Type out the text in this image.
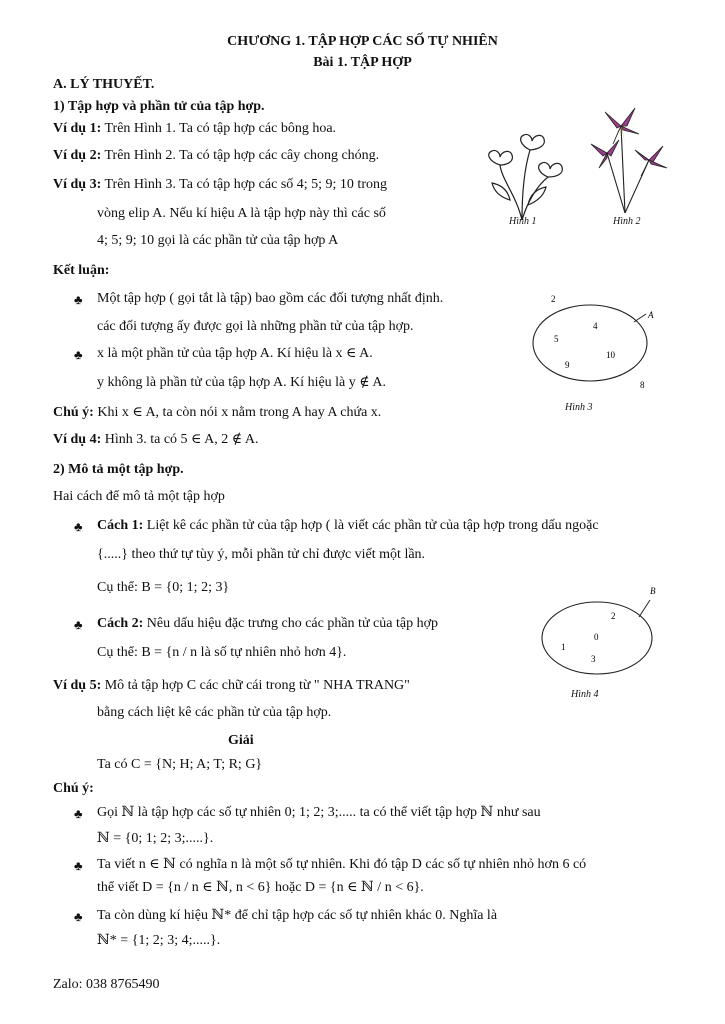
CHƯƠNG 1. TẬP HỢP CÁC SỐ TỰ NHIÊN
Bài 1. TẬP HỢP
A. LÝ THUYẾT.
1) Tập hợp và phần tử của tập hợp.
Ví dụ 1: Trên Hình 1. Ta có tập hợp các bông hoa.
Ví dụ 2: Trên Hình 2. Ta có tập hợp các cây chong chóng.
Ví dụ 3: Trên Hình 3. Ta có tập hợp các số 4; 5; 9; 10 trong
vòng elip A. Nếu kí hiệu A là tập hợp này thì các số
4; 5; 9; 10 gọi là các phần tử của tập hợp A
Kết luận:
♣ Một tập hợp ( gọi tắt là tập) bao gồm các đối tượng nhất định.
các đối tượng ấy được gọi là những phần tử của tập hợp.
♣ x là một phần tử của tập hợp A. Kí hiệu là x ∈ A.
y không là phần tử của tập hợp A. Kí hiệu là y ∉ A.
Chú ý: Khi x ∈ A, ta còn nói x nằm trong A hay A chứa x.
Ví dụ 4: Hình 3. ta có 5 ∈ A, 2 ∉ A.
2) Mô tả một tập hợp.
Hai cách để mô tả một tập hợp
♣ Cách 1: Liệt kê các phần tử của tập hợp ( là viết các phần tử của tập hợp trong dấu ngoặc
{.....} theo thứ tự tùy ý, mỗi phần tử chỉ được viết một lần.
Cụ thể: B = {0; 1; 2; 3}
♣ Cách 2: Nêu dấu hiệu đặc trưng cho các phần tử của tập hợp
Cụ thể: B = {n / n là số tự nhiên nhỏ hơn 4}.
Ví dụ 5: Mô tả tập hợp C các chữ cái trong từ " NHA TRANG"
bằng cách liệt kê các phần tử của tập hợp.
Giải
Ta có C = {N; H; A; T; R; G}
Chú ý:
♣ Gọi ℕ là tập hợp các số tự nhiên 0; 1; 2; 3;..... ta có thể viết tập hợp ℕ như sau
ℕ = {0; 1; 2; 3;.....}.
♣ Ta viết n ∈ ℕ có nghĩa n là một số tự nhiên. Khi đó tập D các số tự nhiên nhỏ hơn 6 có
thể viết D = {n / n ∈ ℕ, n < 6} hoặc D = {n ∈ ℕ / n < 6}.
♣ Ta còn dùng kí hiệu ℕ* để chỉ tập hợp các số tự nhiên khác 0. Nghĩa là
ℕ* = {1; 2; 3; 4;.....}.
Zalo: 038 8765490
Hình 1	Hình 2
2
4
5
9
10
8
A
Hình 3
2
0
1
3
B
Hình 4
